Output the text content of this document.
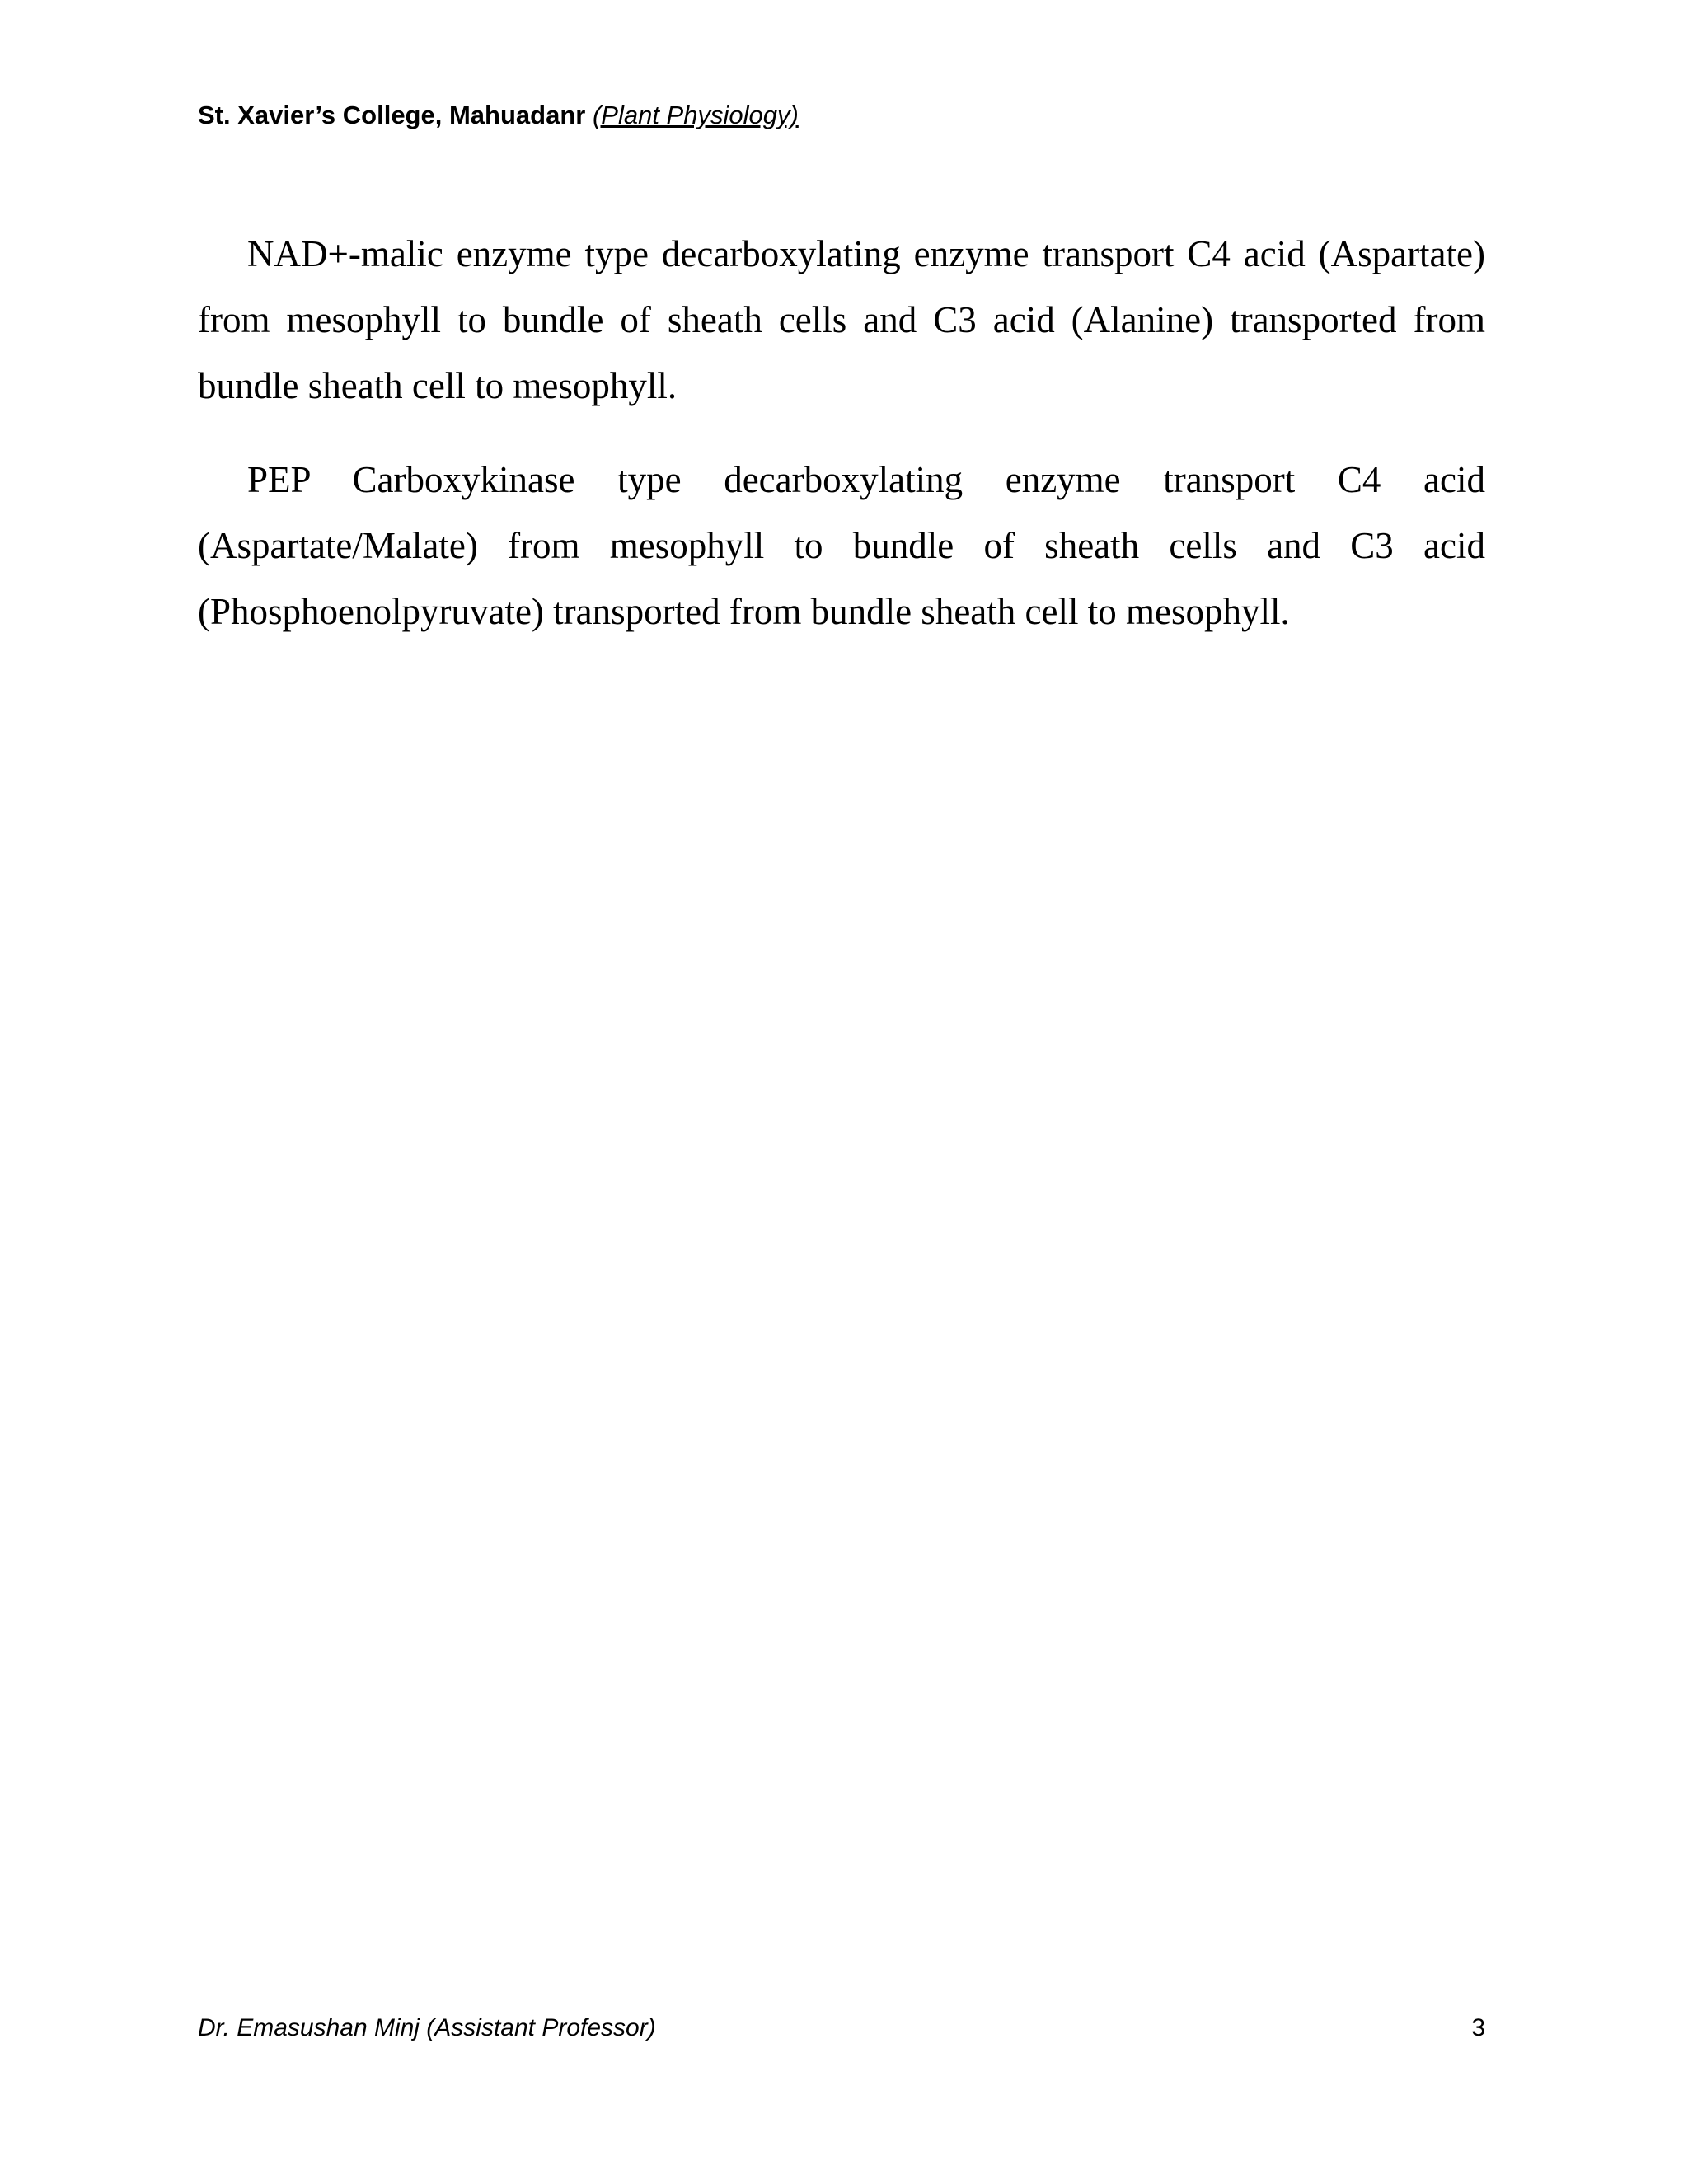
St. Xavier’s College, Mahuadanr (Plant Physiology)

NAD+-malic enzyme type decarboxylating enzyme transport C4 acid (Aspartate) from mesophyll to bundle of sheath cells and C3 acid (Alanine) transported from bundle sheath cell to mesophyll.

PEP Carboxykinase type decarboxylating enzyme transport C4 acid (Aspartate/Malate) from mesophyll to bundle of sheath cells and C3 acid (Phosphoenolpyruvate) transported from bundle sheath cell to mesophyll.

Dr. Emasushan Minj (Assistant Professor)	3
